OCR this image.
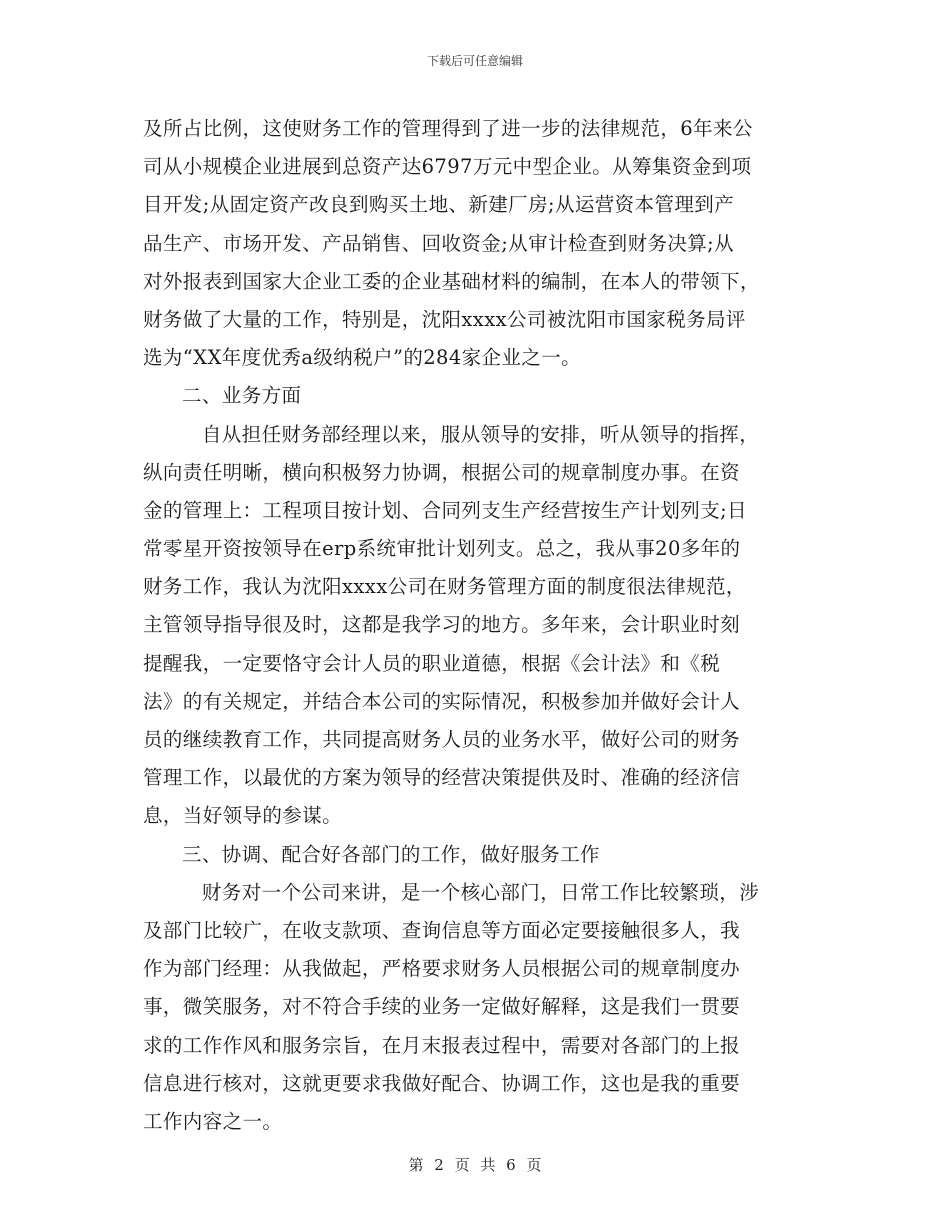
下载后可任意编辑
及所占比例，这使财务工作的管理得到了进一步的法律规范，6年来公
司从小规模企业进展到总资产达6797万元中型企业。从筹集资金到项
目开发;从固定资产改良到购买土地、新建厂房;从运营资本管理到产
品生产、市场开发、产品销售、回收资金;从审计检查到财务决算;从
对外报表到国家大企业工委的企业基础材料的编制，在本人的带领下，
财务做了大量的工作，特别是，沈阳xxxx公司被沈阳市国家税务局评
选为“XX年度优秀a级纳税户”的284家企业之一。
二、业务方面
　自从担任财务部经理以来，服从领导的安排，听从领导的指挥，
纵向责任明晰，横向积极努力协调，根据公司的规章制度办事。在资
金的管理上：工程项目按计划、合同列支生产经营按生产计划列支;日
常零星开资按领导在erp系统审批计划列支。总之，我从事20多年的
财务工作，我认为沈阳xxxx公司在财务管理方面的制度很法律规范，
主管领导指导很及时，这都是我学习的地方。多年来，会计职业时刻
提醒我，一定要恪守会计人员的职业道德，根据《会计法》和《税
法》的有关规定，并结合本公司的实际情况，积极参加并做好会计人
员的继续教育工作，共同提高财务人员的业务水平，做好公司的财务
管理工作，以最优的方案为领导的经营决策提供及时、准确的经济信
息，当好领导的参谋。
三、协调、配合好各部门的工作，做好服务工作
　财务对一个公司来讲，是一个核心部门，日常工作比较繁琐，涉
及部门比较广，在收支款项、查询信息等方面必定要接触很多人，我
作为部门经理：从我做起，严格要求财务人员根据公司的规章制度办
事，微笑服务，对不符合手续的业务一定做好解释，这是我们一贯要
求的工作作风和服务宗旨，在月末报表过程中，需要对各部门的上报
信息进行核对，这就更要求我做好配合、协调工作，这也是我的重要
工作内容之一。
第 2 页 共 6 页
